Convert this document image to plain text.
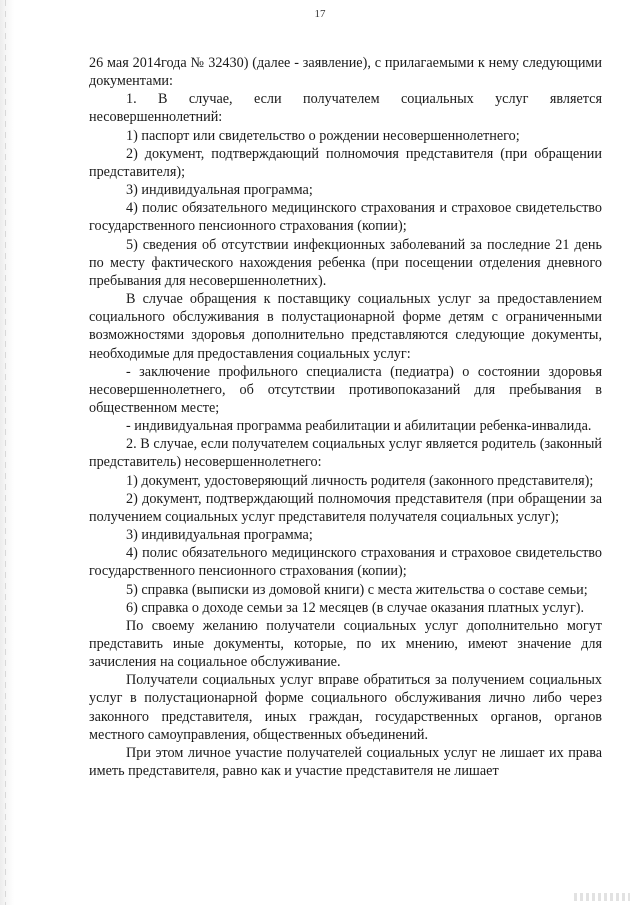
17

26 мая 2014года № 32430) (далее - заявление), с прилагаемыми к нему следующими документами:

1. В случае, если получателем социальных услуг является несовершеннолетний:

1) паспорт или свидетельство о рождении несовершеннолетнего;

2) документ, подтверждающий полномочия представителя (при обращении представителя);

3) индивидуальная программа;

4) полис обязательного медицинского страхования и страховое свидетельство государственного пенсионного страхования (копии);

5) сведения об отсутствии инфекционных заболеваний за последние 21 день по месту фактического нахождения ребенка (при посещении отделения дневного пребывания для несовершеннолетних).

В случае обращения к поставщику социальных услуг за предоставлением социального обслуживания в полустационарной форме детям с ограниченными возможностями здоровья дополнительно представляются следующие документы, необходимые для предоставления социальных услуг:

- заключение профильного специалиста (педиатра) о состоянии здоровья несовершеннолетнего, об отсутствии противопоказаний для пребывания в общественном месте;

- индивидуальная программа реабилитации и абилитации ребенка-инвалида.

2. В случае, если получателем социальных услуг является родитель (законный представитель) несовершеннолетнего:

1) документ, удостоверяющий личность родителя (законного представителя);

2) документ, подтверждающий полномочия представителя (при обращении за получением социальных услуг представителя получателя социальных услуг);

3) индивидуальная программа;

4) полис обязательного медицинского страхования и страховое свидетельство государственного пенсионного страхования (копии);

5) справка (выписки из домовой книги) с места жительства о составе семьи;

6) справка о доходе семьи за 12 месяцев (в случае оказания платных услуг).

По своему желанию получатели социальных услуг дополнительно могут представить иные документы, которые, по их мнению, имеют значение для зачисления на социальное обслуживание.

Получатели социальных услуг вправе обратиться за получением социальных услуг в полустационарной форме социального обслуживания лично либо через законного представителя, иных граждан, государственных органов, органов местного самоуправления, общественных объединений.

При этом личное участие получателей социальных услуг не лишает их права иметь представителя, равно как и участие представителя не лишает
